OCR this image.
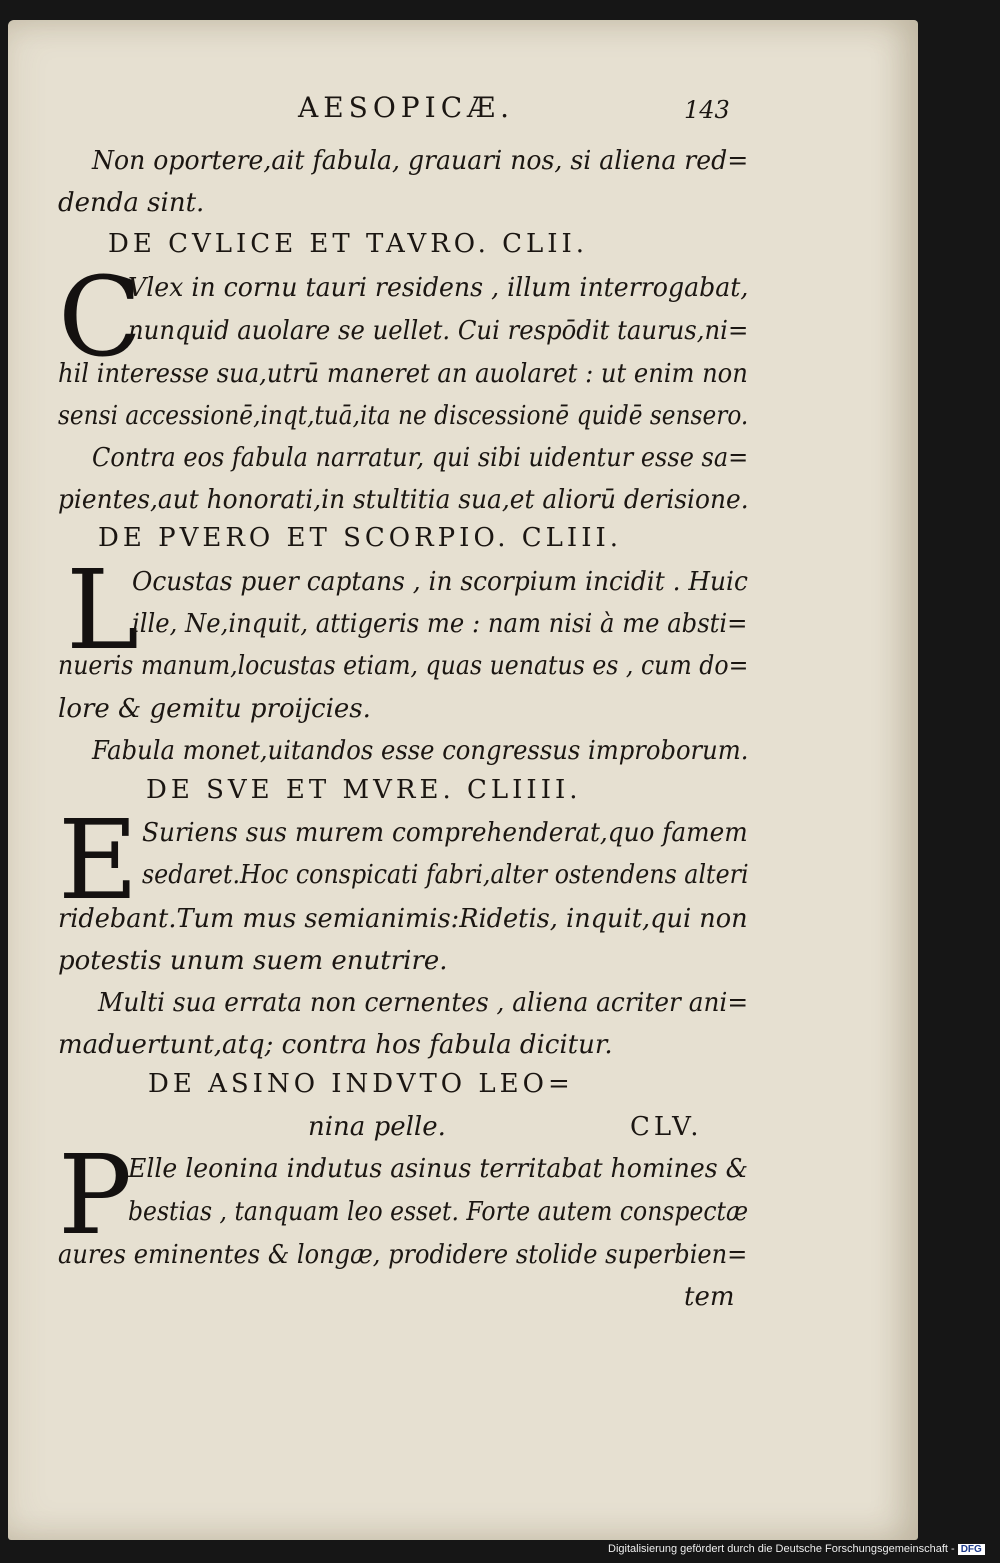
AESOPICÆ.	143

Non oportere,ait fabula, grauari nos, si aliena red=

denda sint.

DE CVLICE ET TAVRO. CLII.

C

Vlex in cornu tauri residens , illum interrogabat,

nunquid auolare se uellet. Cui respōdit taurus,ni=

hil interesse sua,utrū maneret an auolaret : ut enim non

sensi accessionē,inqt,tuā,ita ne discessionē quidē sensero.

Contra eos fabula narratur, qui sibi uidentur esse sa=

pientes,aut honorati,in stultitia sua,et aliorū derisione.

DE PVERO ET SCORPIO. CLIII.

L

Ocustas puer captans , in scorpium incidit . Huic

ille, Ne,inquit, attigeris me : nam nisi à me absti=

nueris manum,locustas etiam, quas uenatus es , cum do=

lore & gemitu proijcies.

Fabula monet,uitandos esse congressus improborum.

DE SVE ET MVRE. CLIIII.

E Suriens sus murem comprehenderat,quo famem

sedaret.Hoc conspicati fabri,alter ostendens alteri

ridebant.Tum mus semianimis:Ridetis, inquit,qui non

potestis unum suem enutrire.

Multi sua errata non cernentes , aliena acriter ani=

maduertunt,atq; contra hos fabula dicitur.

DE ASINO INDVTO LEO=

nina pelle.	CLV.

P

Elle leonina indutus asinus territabat homines &

bestias , tanquam leo esset. Forte autem conspectæ

aures eminentes & longæ, prodidere stolide superbien=

tem

Digitalisierung gefördert durch die Deutsche Forschungsgemeinschaft - DFG
